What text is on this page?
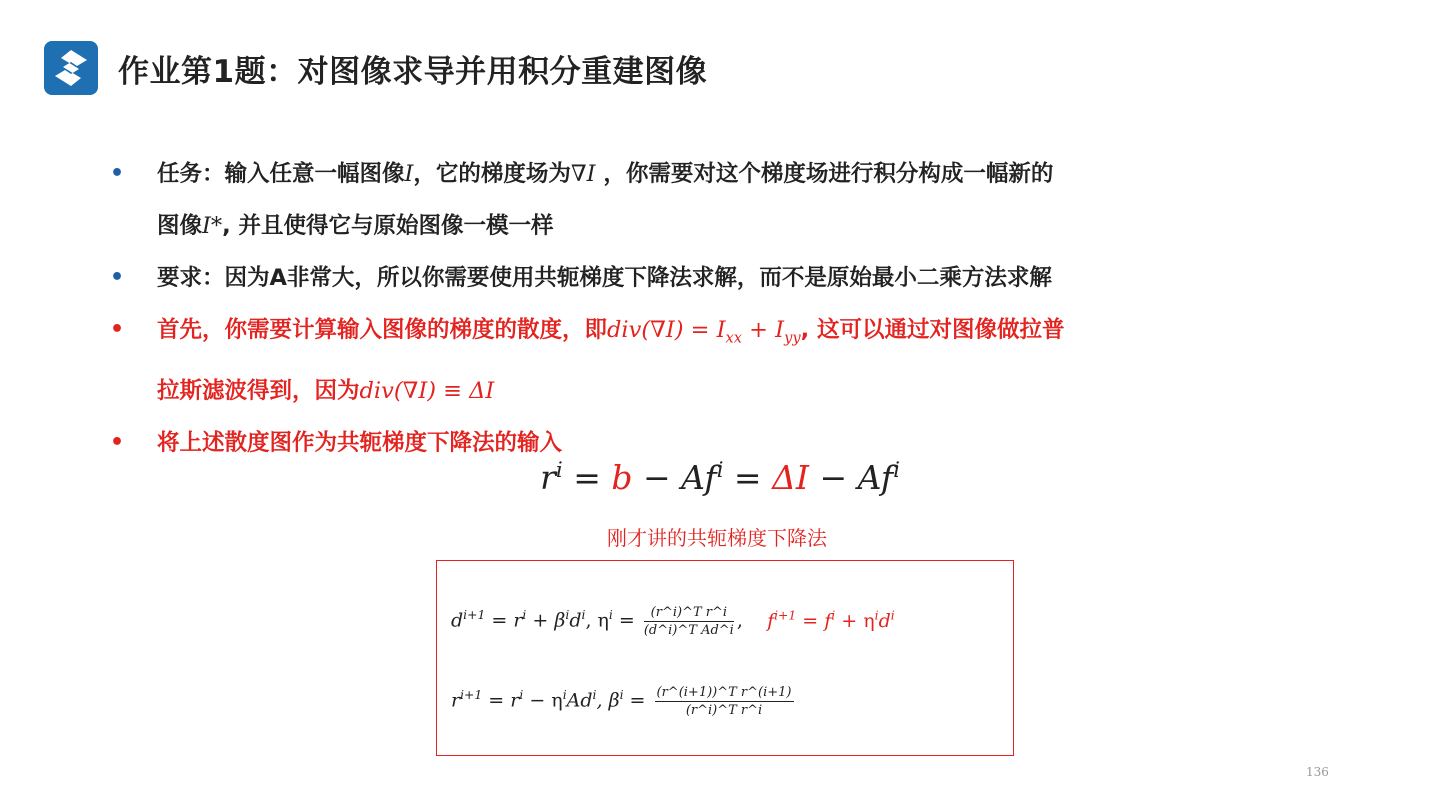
作业第1题：对图像求导并用积分重建图像
• 任务：输入任意一幅图像I，它的梯度场为∇I ，你需要对这个梯度场进行积分构成一幅新的
图像I*, 并且使得它与原始图像一模一样
• 要求：因为A非常大，所以你需要使用共轭梯度下降法求解，而不是原始最小二乘方法求解
• 首先，你需要计算输入图像的梯度的散度，即$div(\nabla I) = I_{xx} + I_{yy}$, 这可以通过对图像做拉普
拉斯滤波得到，因为div(∇I) ≡ ΔI
• 将上述散度图作为共轭梯度下降法的输入
$r^i = b - Af^i = \Delta I - Af^i$
刚才讲的共轭梯度下降法
$d^{i+1} = r^i + \beta^id^i$, $\eta^i = \frac{\text{(r\textasciicircum{}i)\textasciicircum{}T r\textasciicircum{}i}}{\text{(d\textasciicircum{}i)\textasciicircum{}T Ad\textasciicircum{}i}}$ , $f^{i+1} = f^i + \eta^id^i$
$r^{i+1} = r^i - \eta^iAd^i$, $\beta^i = \frac{\text{(r\textasciicircum{}(i+1))\textasciicircum{}T r\textasciicircum{}(i+1)}}{\text{(r\textasciicircum{}i)\textasciicircum{}T r\textasciicircum{}i}}$
136
